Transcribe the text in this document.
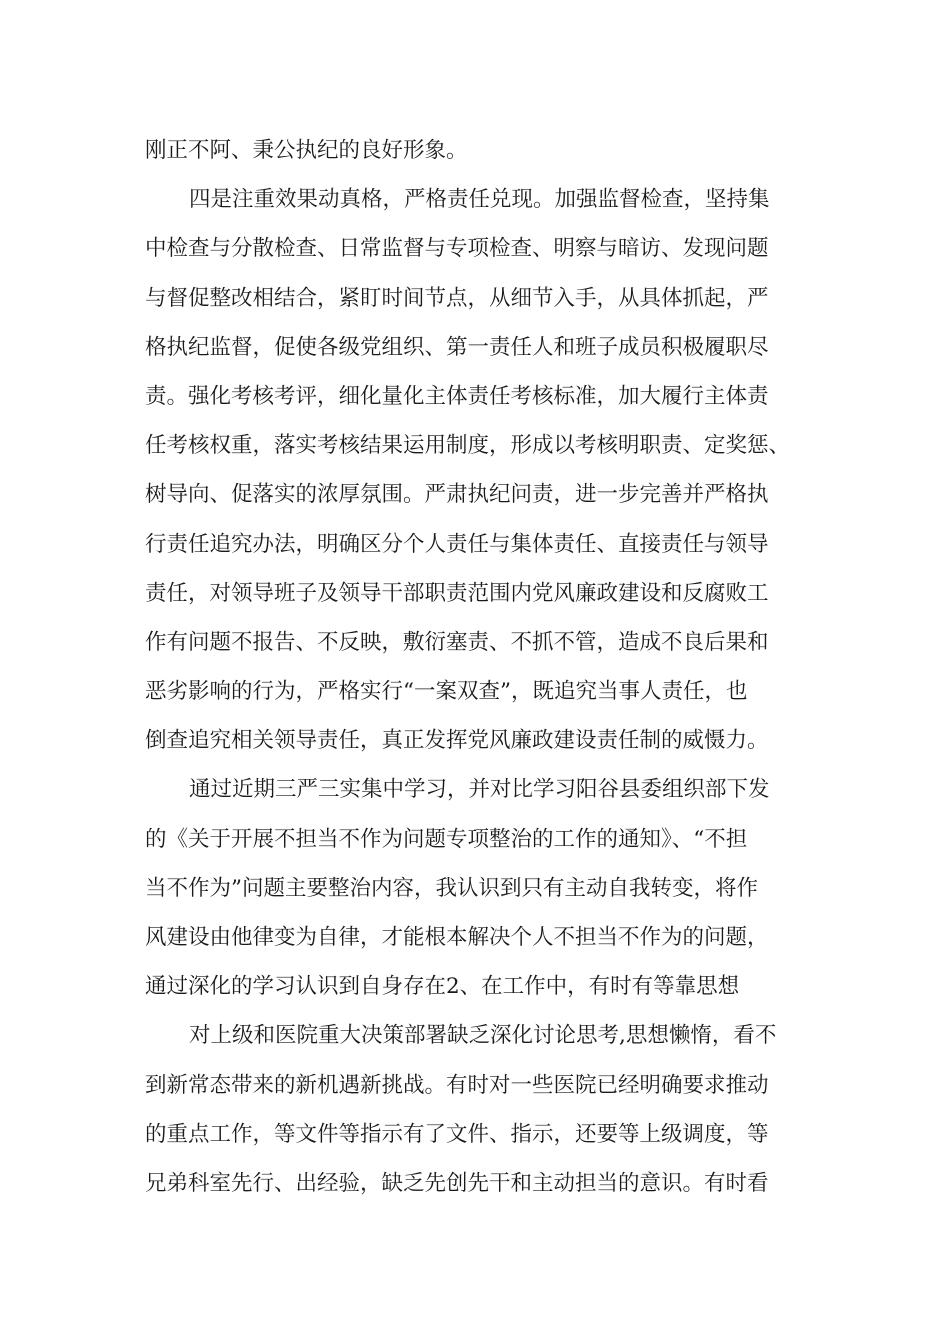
刚正不阿、秉公执纪的良好形象。
四是注重效果动真格，严格责任兑现。加强监督检查，坚持集
中检查与分散检查、日常监督与专项检查、明察与暗访、发现问题
与督促整改相结合，紧盯时间节点，从细节入手，从具体抓起，严
格执纪监督，促使各级党组织、第一责任人和班子成员积极履职尽
责。强化考核考评，细化量化主体责任考核标准，加大履行主体责
任考核权重，落实考核结果运用制度，形成以考核明职责、定奖惩、
树导向、促落实的浓厚氛围。严肃执纪问责，进一步完善并严格执
行责任追究办法，明确区分个人责任与集体责任、直接责任与领导
责任，对领导班子及领导干部职责范围内党风廉政建设和反腐败工
作有问题不报告、不反映，敷衍塞责、不抓不管，造成不良后果和
恶劣影响的行为，严格实行“一案双查”，既追究当事人责任，也
倒查追究相关领导责任，真正发挥党风廉政建设责任制的威慑力。
通过近期三严三实集中学习，并对比学习阳谷县委组织部下发
的《关于开展不担当不作为问题专项整治的工作的通知》、“不担
当不作为”问题主要整治内容，我认识到只有主动自我转变，将作
风建设由他律变为自律，才能根本解决个人不担当不作为的问题，
通过深化的学习认识到自身存在2、在工作中，有时有等靠思想
对上级和医院重大决策部署缺乏深化讨论思考,思想懒惰，看不
到新常态带来的新机遇新挑战。有时对一些医院已经明确要求推动
的重点工作，等文件等指示有了文件、指示，还要等上级调度，等
兄弟科室先行、出经验，缺乏先创先干和主动担当的意识。有时看
